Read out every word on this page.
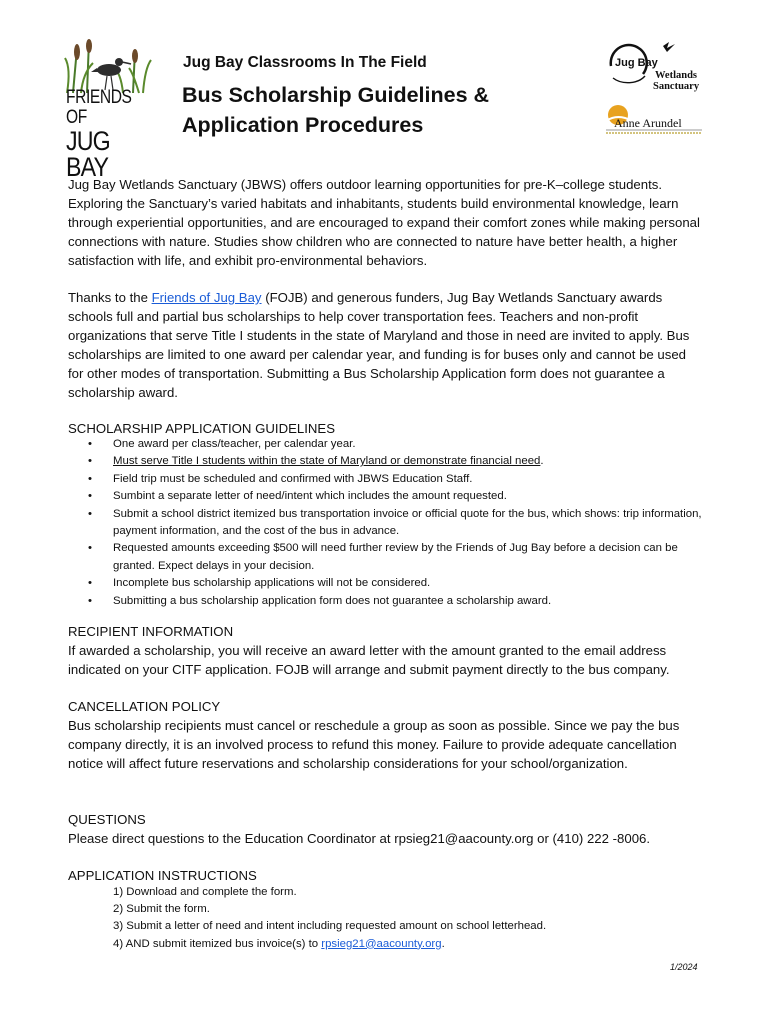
FRIENDS OF
JUG BAY
Jug Bay Classrooms In The Field
Bus Scholarship Guidelines &
Application Procedures
Jug Bay
Wetlands
Sanctuary
Anne Arundel

Jug Bay Wetlands Sanctuary (JBWS) offers outdoor learning opportunities for pre-K–college students. Exploring the Sanctuary’s varied habitats and inhabitants, students build environmental knowledge, learn through experiential opportunities, and are encouraged to expand their comfort zones while making personal connections with nature. Studies show children who are connected to nature have better health, a higher satisfaction with life, and exhibit pro-environmental behaviors.

Thanks to the Friends of Jug Bay (FOJB) and generous funders, Jug Bay Wetlands Sanctuary awards schools full and partial bus scholarships to help cover transportation fees. Teachers and non-profit organizations that serve Title I students in the state of Maryland and those in need are invited to apply. Bus scholarships are limited to one award per calendar year, and funding is for buses only and cannot be used for other modes of transportation. Submitting a Bus Scholarship Application form does not guarantee a scholarship award.

SCHOLARSHIP APPLICATION GUIDELINES
• One award per class/teacher, per calendar year.
• Must serve Title I students within the state of Maryland or demonstrate financial need.
• Field trip must be scheduled and confirmed with JBWS Education Staff.
• Sumbint a separate letter of need/intent which includes the amount requested.
• Submit a school district itemized bus transportation invoice or official quote for the bus, which shows: trip information, payment information, and the cost of the bus in advance.
• Requested amounts exceeding $500 will need further review by the Friends of Jug Bay before a decision can be granted. Expect delays in your decision.
• Incomplete bus scholarship applications will not be considered.
• Submitting a bus scholarship application form does not guarantee a scholarship award.
RECIPIENT INFORMATION

If awarded a scholarship, you will receive an award letter with the amount granted to the email address indicated on your CITF application. FOJB will arrange and submit payment directly to the bus company.

CANCELLATION POLICY

Bus scholarship recipients must cancel or reschedule a group as soon as possible. Since we pay the bus company directly, it is an involved process to refund this money. Failure to provide adequate cancellation notice will affect future reservations and scholarship considerations for your school/organization.

QUESTIONS

Please direct questions to the Education Coordinator at rpsieg21@aacounty.org or (410) 222 -8006.

APPLICATION INSTRUCTIONS
1) Download and complete the form.
2) Submit the form.
3) Submit a letter of need and intent including requested amount on school letterhead.
4) AND submit itemized bus invoice(s) to rpsieg21@aacounty.org.
1/2024
